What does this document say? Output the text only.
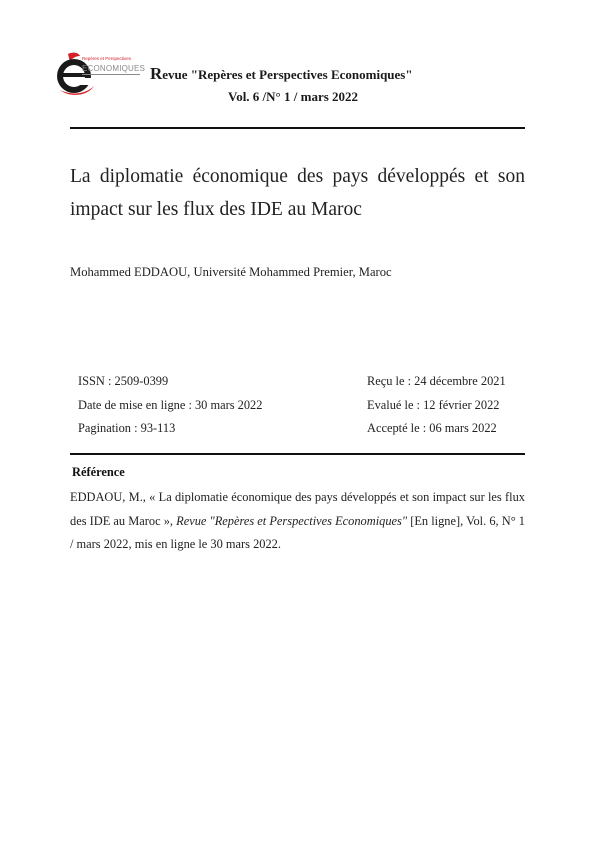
Repères et Perspectives
ECONOMIQUES Revue "Repères et Perspectives Economiques"
Vol. 6 /N° 1 / mars 2022
La diplomatie économique des pays développés et son impact sur les flux des IDE au Maroc
Mohammed EDDAOU, Université Mohammed Premier, Maroc
ISSN : 2509-0399
Date de mise en ligne : 30 mars 2022
Pagination : 93-113
Reçu le : 24 décembre 2021
Evalué le : 12 février 2022
Accepté le : 06 mars 2022
Référence
EDDAOU, M., « La diplomatie économique des pays développés et son impact sur les flux des IDE au Maroc », Revue "Repères et Perspectives Economiques" [En ligne], Vol. 6, N° 1 / mars 2022, mis en ligne le 30 mars 2022.
